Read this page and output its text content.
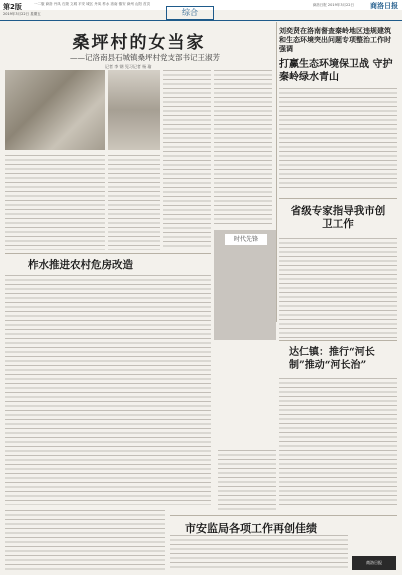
第2版	一二版 商洛 丹凤 石斑 文城 平安 城区 丹凤 柞水 洛南 镇安 商州 山阳 首页	商洛日报 2019年3月22日 商洛日报
2019年3月22日 星期五	综合
桑坪村的女当家
——记洛南县石城镇桑坪村党支部书记王淑芳
记者 李 钢 见习记者 杨 瑜
刘奕贤在洛南督查秦岭地区违规建筑和生态环境突出问题专项整治工作时强调
打赢生态环境保卫战 守护秦岭绿水青山
时代先锋
省级专家指导我市创卫工作
柞水推进农村危房改造
达仁镇：推行“河长制”推动“河长治”
市安监局各项工作再创佳绩
商洛日报
